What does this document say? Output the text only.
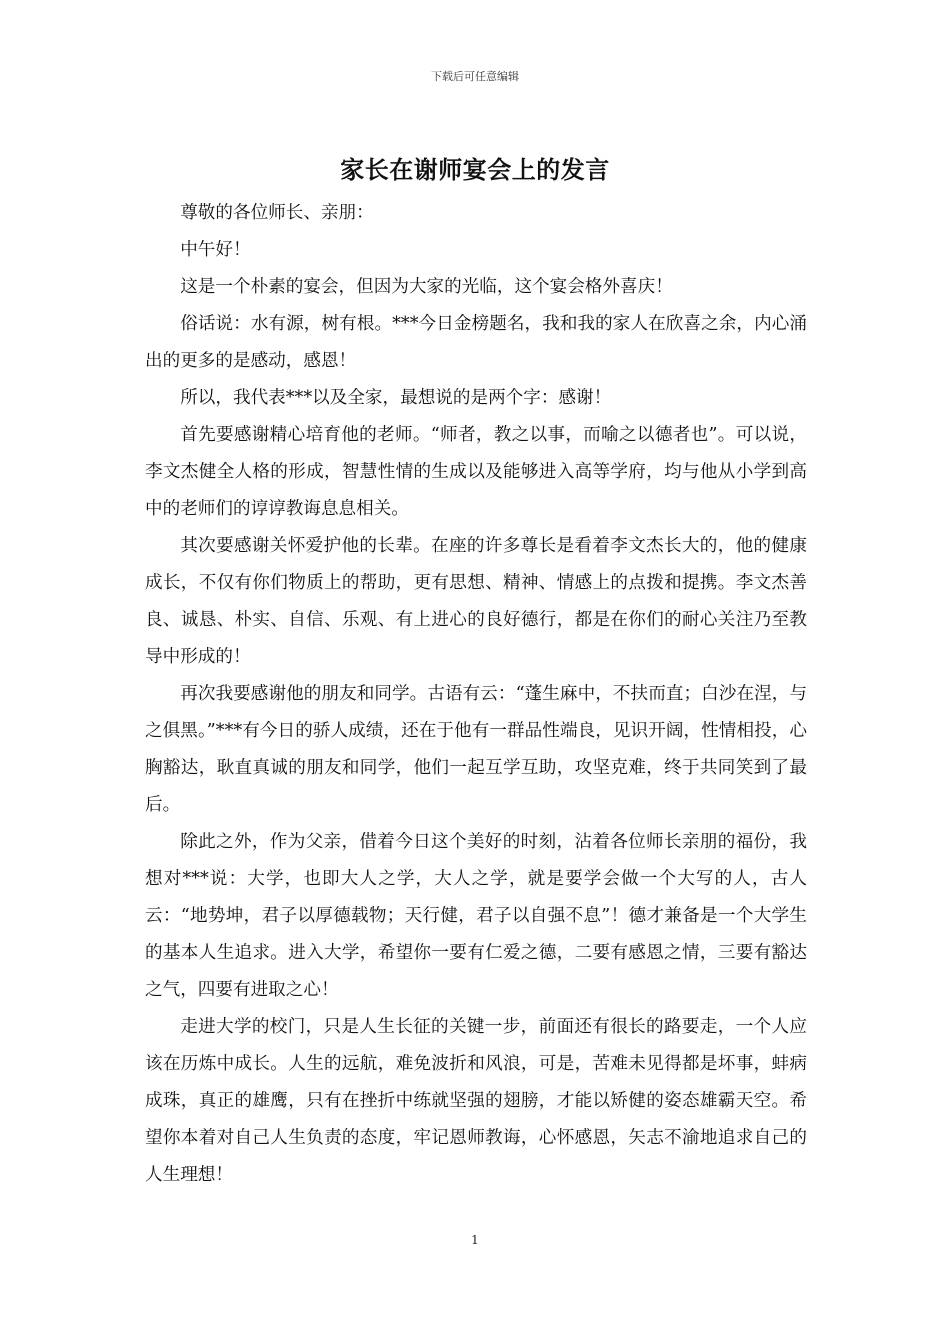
下载后可任意编辑
家长在谢师宴会上的发言

尊敬的各位师长、亲朋：

中午好！

这是一个朴素的宴会，但因为大家的光临，这个宴会格外喜庆！

俗话说：水有源，树有根。***今日金榜题名，我和我的家人在欣喜之余，内心涌出的更多的是感动，感恩！

所以，我代表***以及全家，最想说的是两个字：感谢！

首先要感谢精心培育他的老师。“师者，教之以事，而喻之以德者也”。可以说，李文杰健全人格的形成，智慧性情的生成以及能够进入高等学府，均与他从小学到高中的老师们的谆谆教诲息息相关。

其次要感谢关怀爱护他的长辈。在座的许多尊长是看着李文杰长大的，他的健康成长，不仅有你们物质上的帮助，更有思想、精神、情感上的点拨和提携。李文杰善良、诚恳、朴实、自信、乐观、有上进心的良好德行，都是在你们的耐心关注乃至教导中形成的！

再次我要感谢他的朋友和同学。古语有云：“蓬生麻中，不扶而直；白沙在涅，与之俱黑。”***有今日的骄人成绩，还在于他有一群品性端良，见识开阔，性情相投，心胸豁达，耿直真诚的朋友和同学，他们一起互学互助，攻坚克难，终于共同笑到了最后。

除此之外，作为父亲，借着今日这个美好的时刻，沾着各位师长亲朋的福份，我想对***说：大学，也即大人之学，大人之学，就是要学会做一个大写的人，古人云：“地势坤，君子以厚德载物；天行健，君子以自强不息”！德才兼备是一个大学生的基本人生追求。进入大学，希望你一要有仁爱之德，二要有感恩之情，三要有豁达之气，四要有进取之心！

走进大学的校门，只是人生长征的关键一步，前面还有很长的路要走，一个人应该在历炼中成长。人生的远航，难免波折和风浪，可是，苦难未见得都是坏事，蚌病成珠，真正的雄鹰，只有在挫折中练就坚强的翅膀，才能以矫健的姿态雄霸天空。希望你本着对自己人生负责的态度，牢记恩师教诲，心怀感恩，矢志不渝地追求自己的人生理想！

1
